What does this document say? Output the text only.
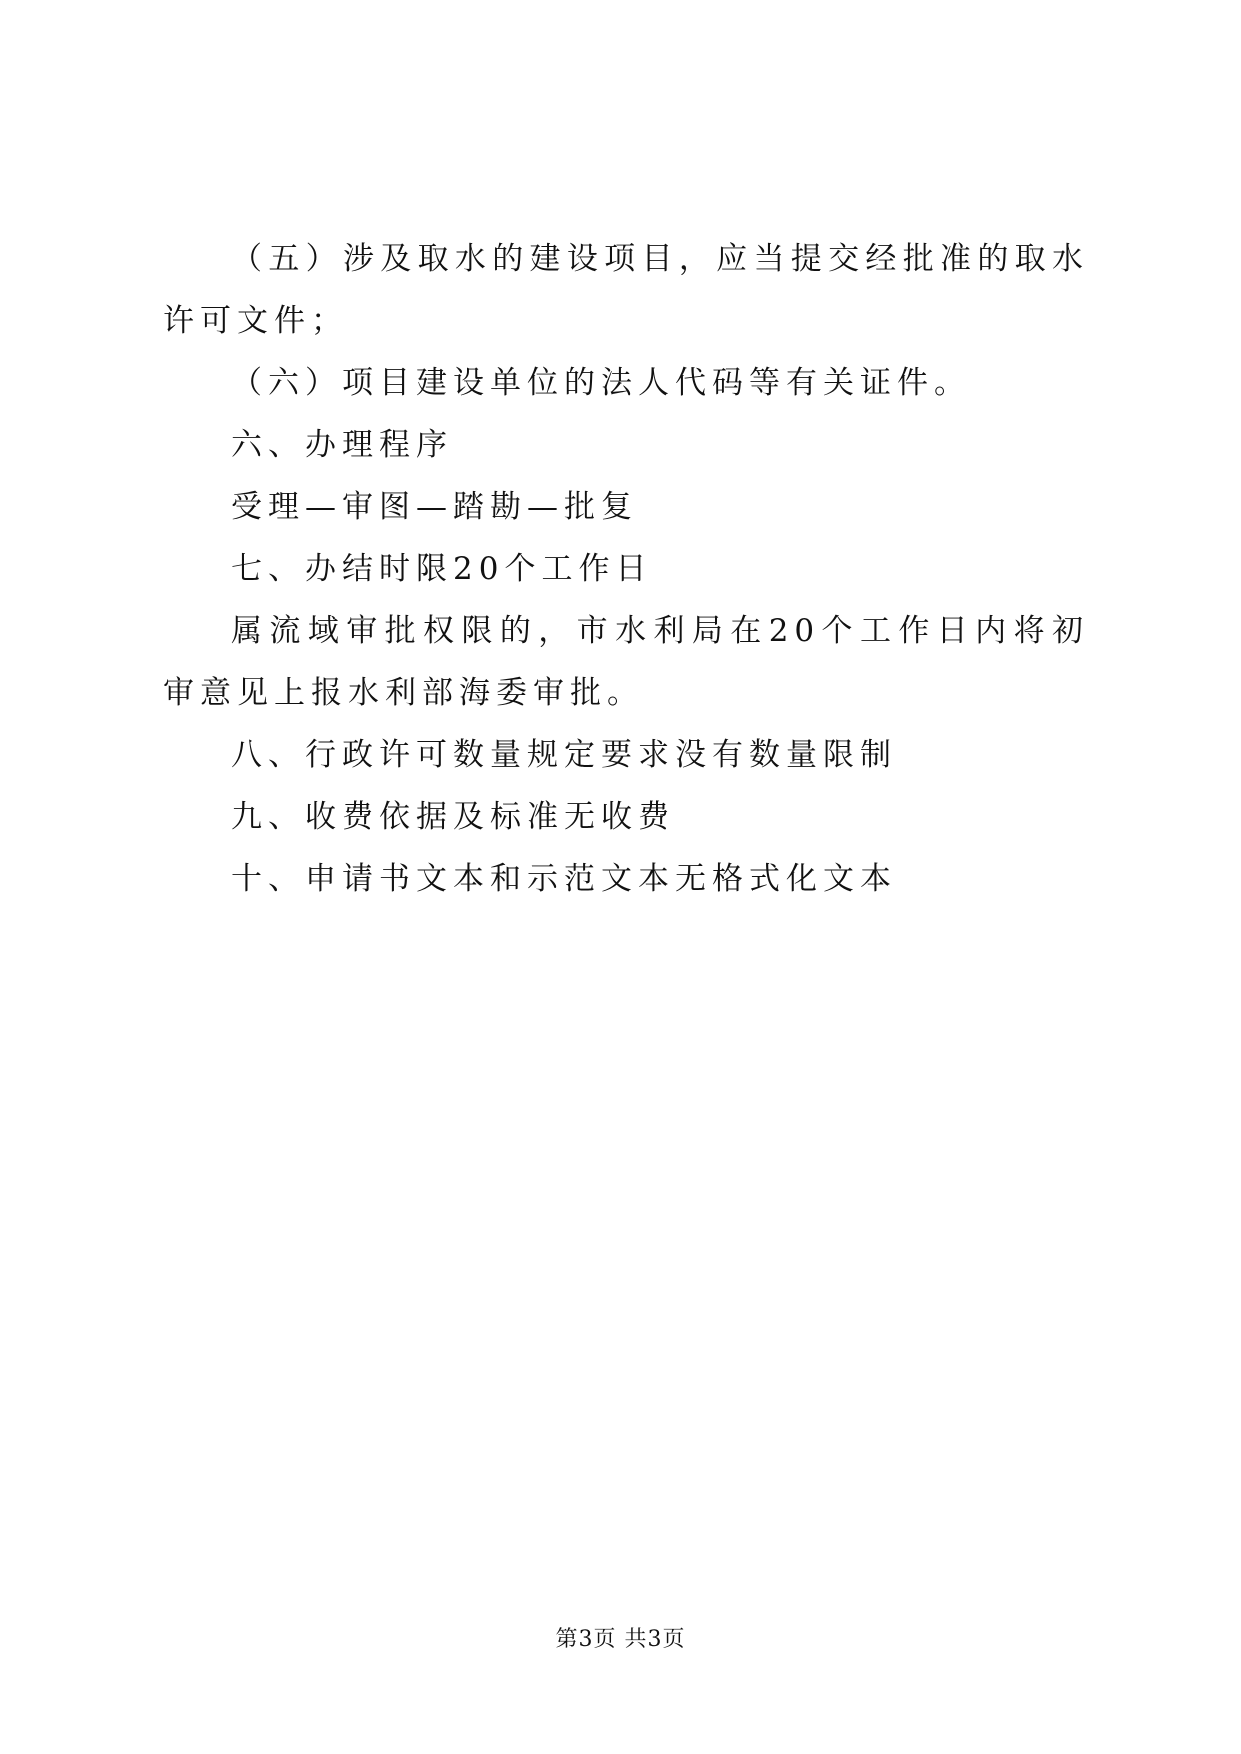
（五）涉及取水的建设项目，应当提交经批准的取水许可文件；

（六）项目建设单位的法人代码等有关证件。

六、办理程序

受理—审图—踏勘—批复

七、办结时限20个工作日

属流域审批权限的，市水利局在20个工作日内将初审意见上报水利部海委审批。

八、行政许可数量规定要求没有数量限制

九、收费依据及标准无收费

十、申请书文本和示范文本无格式化文本

第3页 共3页
